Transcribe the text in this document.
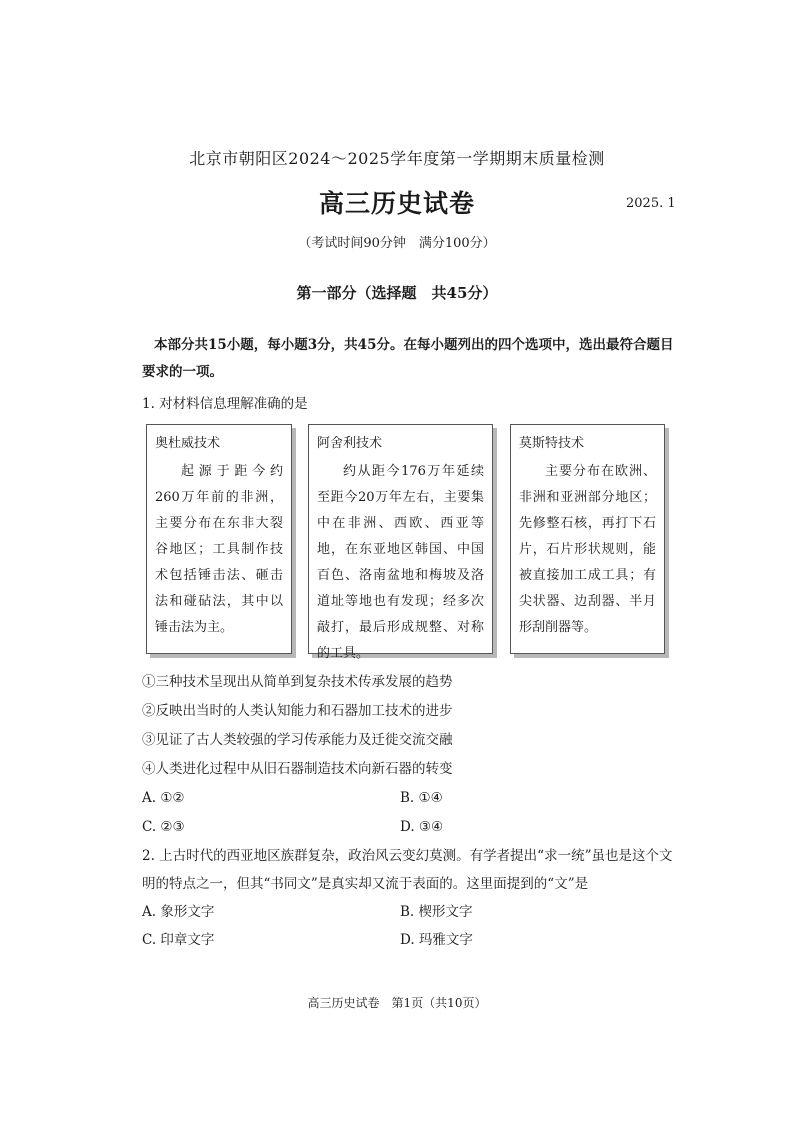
北京市朝阳区2024～2025学年度第一学期期末质量检测
高三历史试卷	2025. 1
（考试时间90分钟　满分100分）
第一部分（选择题　共45分）
本部分共15小题，每小题3分，共45分。在每小题列出的四个选项中，选出最符合题目要求的一项。
1. 对材料信息理解准确的是
奥杜威技术
起源于距今约260万年前的非洲，主要分布在东非大裂谷地区；工具制作技术包括锤击法、砸击法和碰砧法，其中以锤击法为主。
阿舍利技术
约从距今176万年延续至距今20万年左右，主要集中在非洲、西欧、西亚等地，在东亚地区韩国、中国百色、洛南盆地和梅坡及洛道址等地也有发现；经多次敲打，最后形成规整、对称的工具。
莫斯特技术
主要分布在欧洲、非洲和亚洲部分地区；先修整石核，再打下石片，石片形状规则，能被直接加工成工具；有尖状器、边刮器、半月形刮削器等。
①三种技术呈现出从简单到复杂技术传承发展的趋势
②反映出当时的人类认知能力和石器加工技术的进步
③见证了古人类较强的学习传承能力及迁徙交流交融
④人类进化过程中从旧石器制造技术向新石器的转变
A. ①②	B. ①④
C. ②③	D. ③④
2. 上古时代的西亚地区族群复杂，政治风云变幻莫测。有学者提出“求一统”虽也是这个文
明的特点之一，但其“书同文”是真实却又流于表面的。这里面提到的“文”是
A. 象形文字	B. 楔形文字
C. 印章文字	D. 玛雅文字
高三历史试卷　第1页（共10页）
